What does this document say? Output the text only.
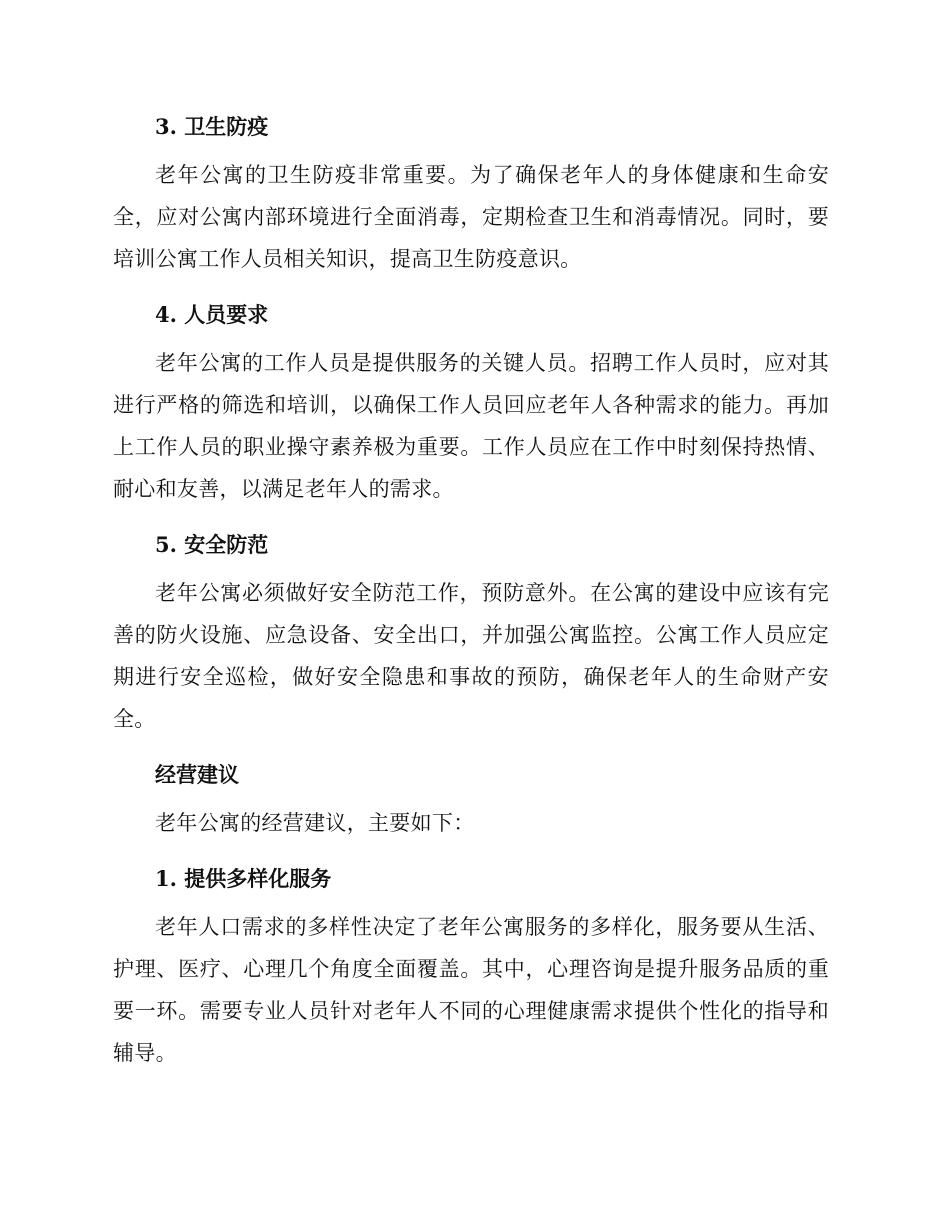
3. 卫生防疫

老年公寓的卫生防疫非常重要。为了确保老年人的身体健康和生命安全，应对公寓内部环境进行全面消毒，定期检查卫生和消毒情况。同时，要培训公寓工作人员相关知识，提高卫生防疫意识。

4. 人员要求

老年公寓的工作人员是提供服务的关键人员。招聘工作人员时，应对其进行严格的筛选和培训，以确保工作人员回应老年人各种需求的能力。再加上工作人员的职业操守素养极为重要。工作人员应在工作中时刻保持热情、耐心和友善，以满足老年人的需求。

5. 安全防范

老年公寓必须做好安全防范工作，预防意外。在公寓的建设中应该有完善的防火设施、应急设备、安全出口，并加强公寓监控。公寓工作人员应定期进行安全巡检，做好安全隐患和事故的预防，确保老年人的生命财产安全。

经营建议

老年公寓的经营建议，主要如下：

1. 提供多样化服务

老年人口需求的多样性决定了老年公寓服务的多样化，服务要从生活、护理、医疗、心理几个角度全面覆盖。其中，心理咨询是提升服务品质的重要一环。需要专业人员针对老年人不同的心理健康需求提供个性化的指导和辅导。
